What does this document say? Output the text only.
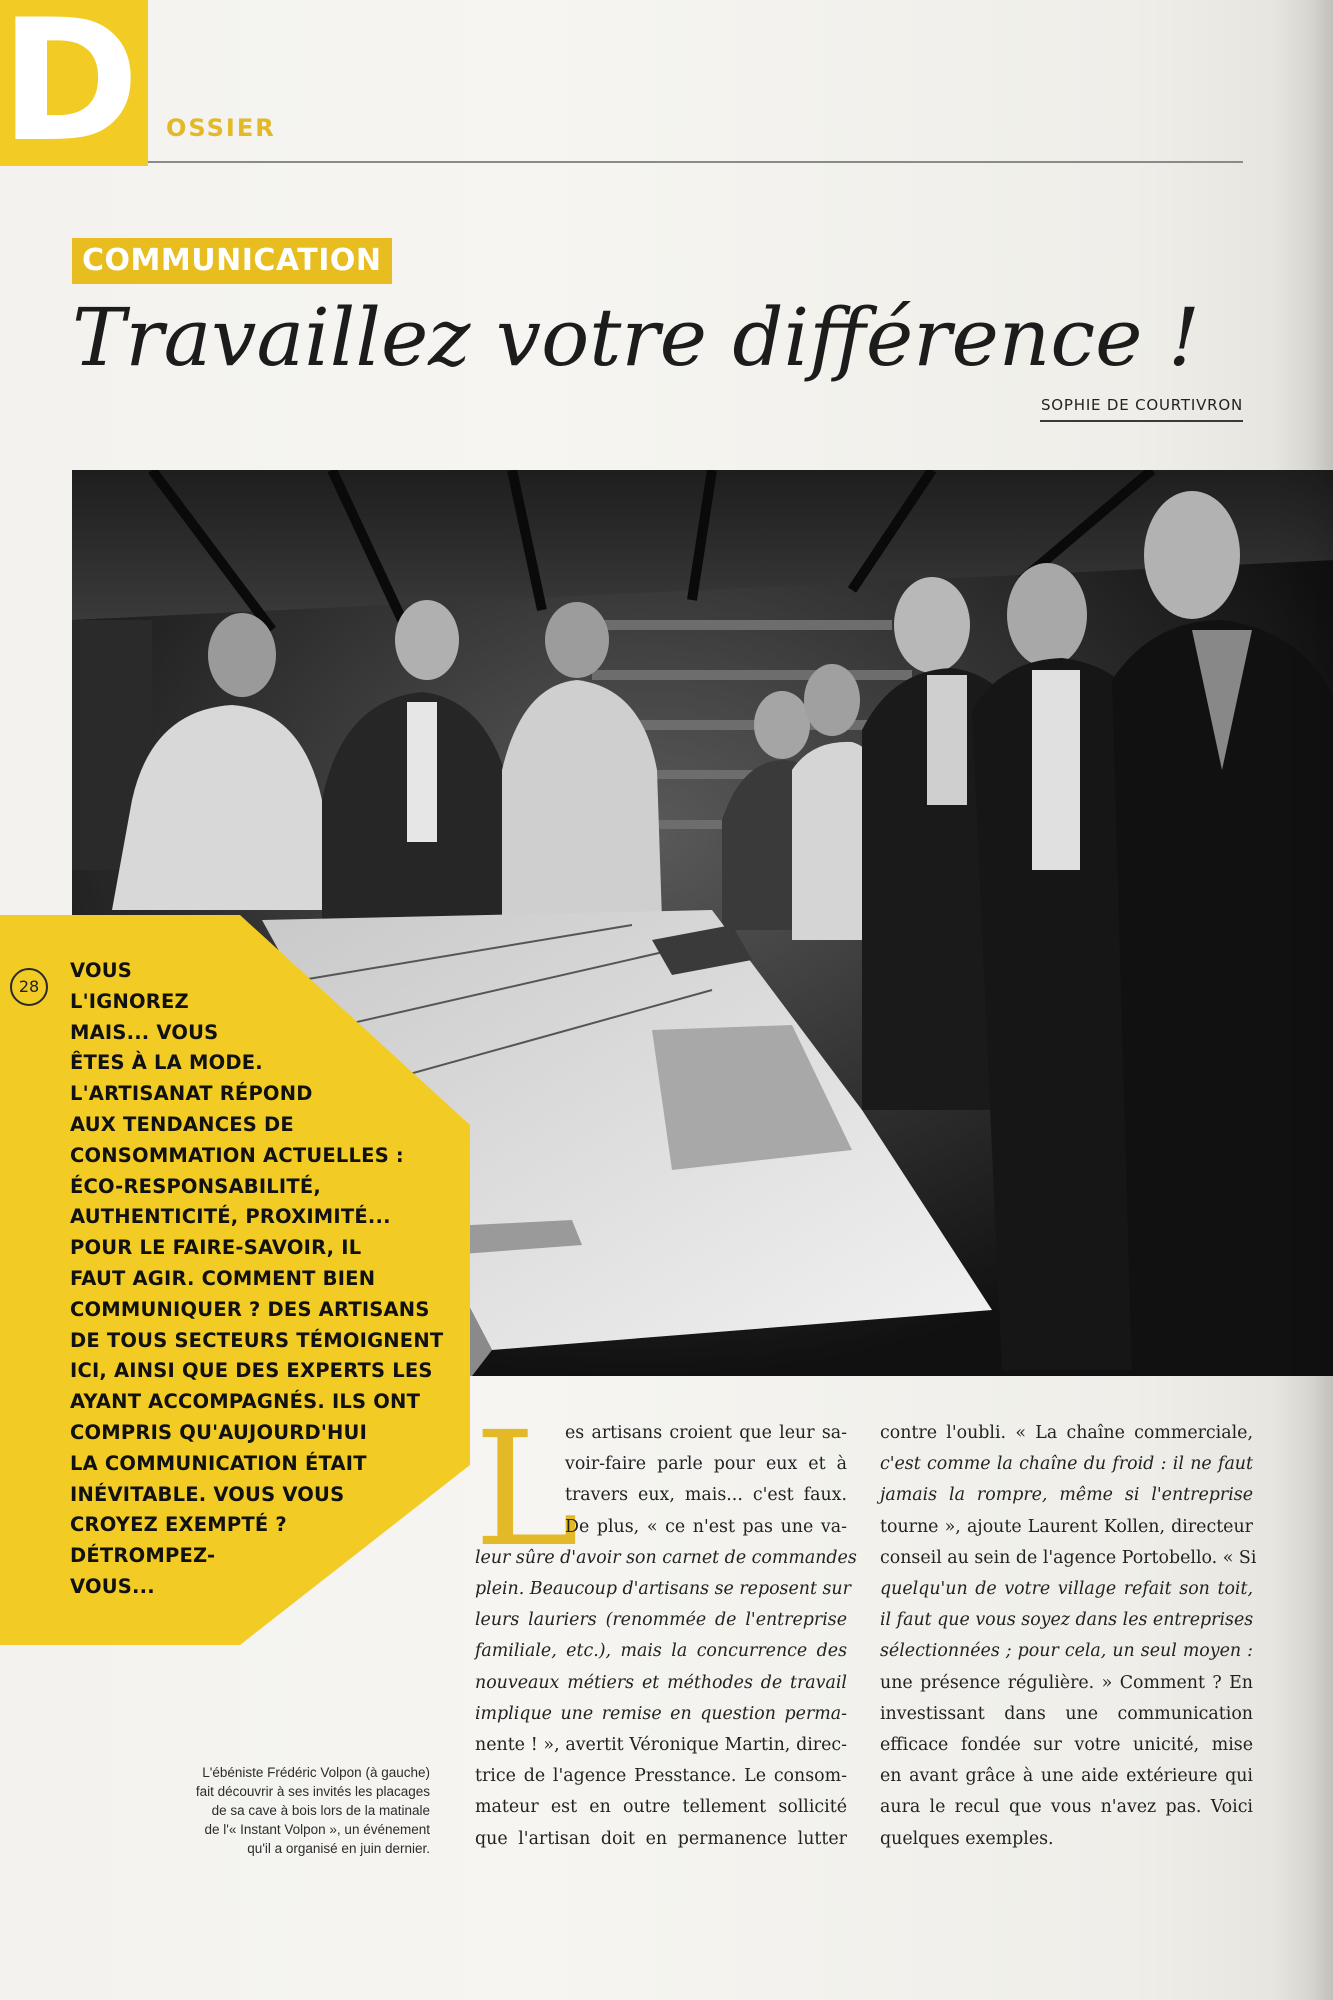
D OSSIER
COMMUNICATION
Travaillez votre différence !
SOPHIE DE COURTIVRON
28
VOUS
L'IGNOREZ
MAIS... VOUS
ÊTES À LA MODE.
L'ARTISANAT RÉPOND
AUX TENDANCES DE
CONSOMMATION ACTUELLES :
ÉCO-RESPONSABILITÉ,
AUTHENTICITÉ, PROXIMITÉ...
POUR LE FAIRE-SAVOIR, IL
FAUT AGIR. COMMENT BIEN
COMMUNIQUER ? DES ARTISANS
DE TOUS SECTEURS TÉMOIGNENT
ICI, AINSI QUE DES EXPERTS LES
AYANT ACCOMPAGNÉS. ILS ONT
COMPRIS QU'AUJOURD'HUI
LA COMMUNICATION ÉTAIT
INÉVITABLE. VOUS VOUS
CROYEZ EXEMPTÉ ?
DÉTROMPEZ-
VOUS...
L'ébéniste Frédéric Volpon (à gauche)
fait découvrir à ses invités les placages
de sa cave à bois lors de la matinale
de l'« Instant Volpon », un événement
qu'il a organisé en juin dernier.
L
es artisans croient que leur sa-
voir-faire parle pour eux et à
travers eux, mais... c'est faux.
De plus, « ce n'est pas une va-
leur sûre d'avoir son carnet de commandes
plein. Beaucoup d'artisans se reposent sur
leurs lauriers (renommée de l'entreprise
familiale, etc.), mais la concurrence des
nouveaux métiers et méthodes de travail
implique une remise en question perma-
nente ! », avertit Véronique Martin, direc-
trice de l'agence Presstance. Le consom-
mateur est en outre tellement sollicité
que l'artisan doit en permanence lutter
contre l'oubli. « La chaîne commerciale,
c'est comme la chaîne du froid : il ne faut
jamais la rompre, même si l'entreprise
tourne », ajoute Laurent Kollen, directeur
conseil au sein de l'agence Portobello. « Si
quelqu'un de votre village refait son toit,
il faut que vous soyez dans les entreprises
sélectionnées ; pour cela, un seul moyen :
une présence régulière. » Comment ? En
investissant dans une communication
efficace fondée sur votre unicité, mise
en avant grâce à une aide extérieure qui
aura le recul que vous n'avez pas. Voici
quelques exemples.
